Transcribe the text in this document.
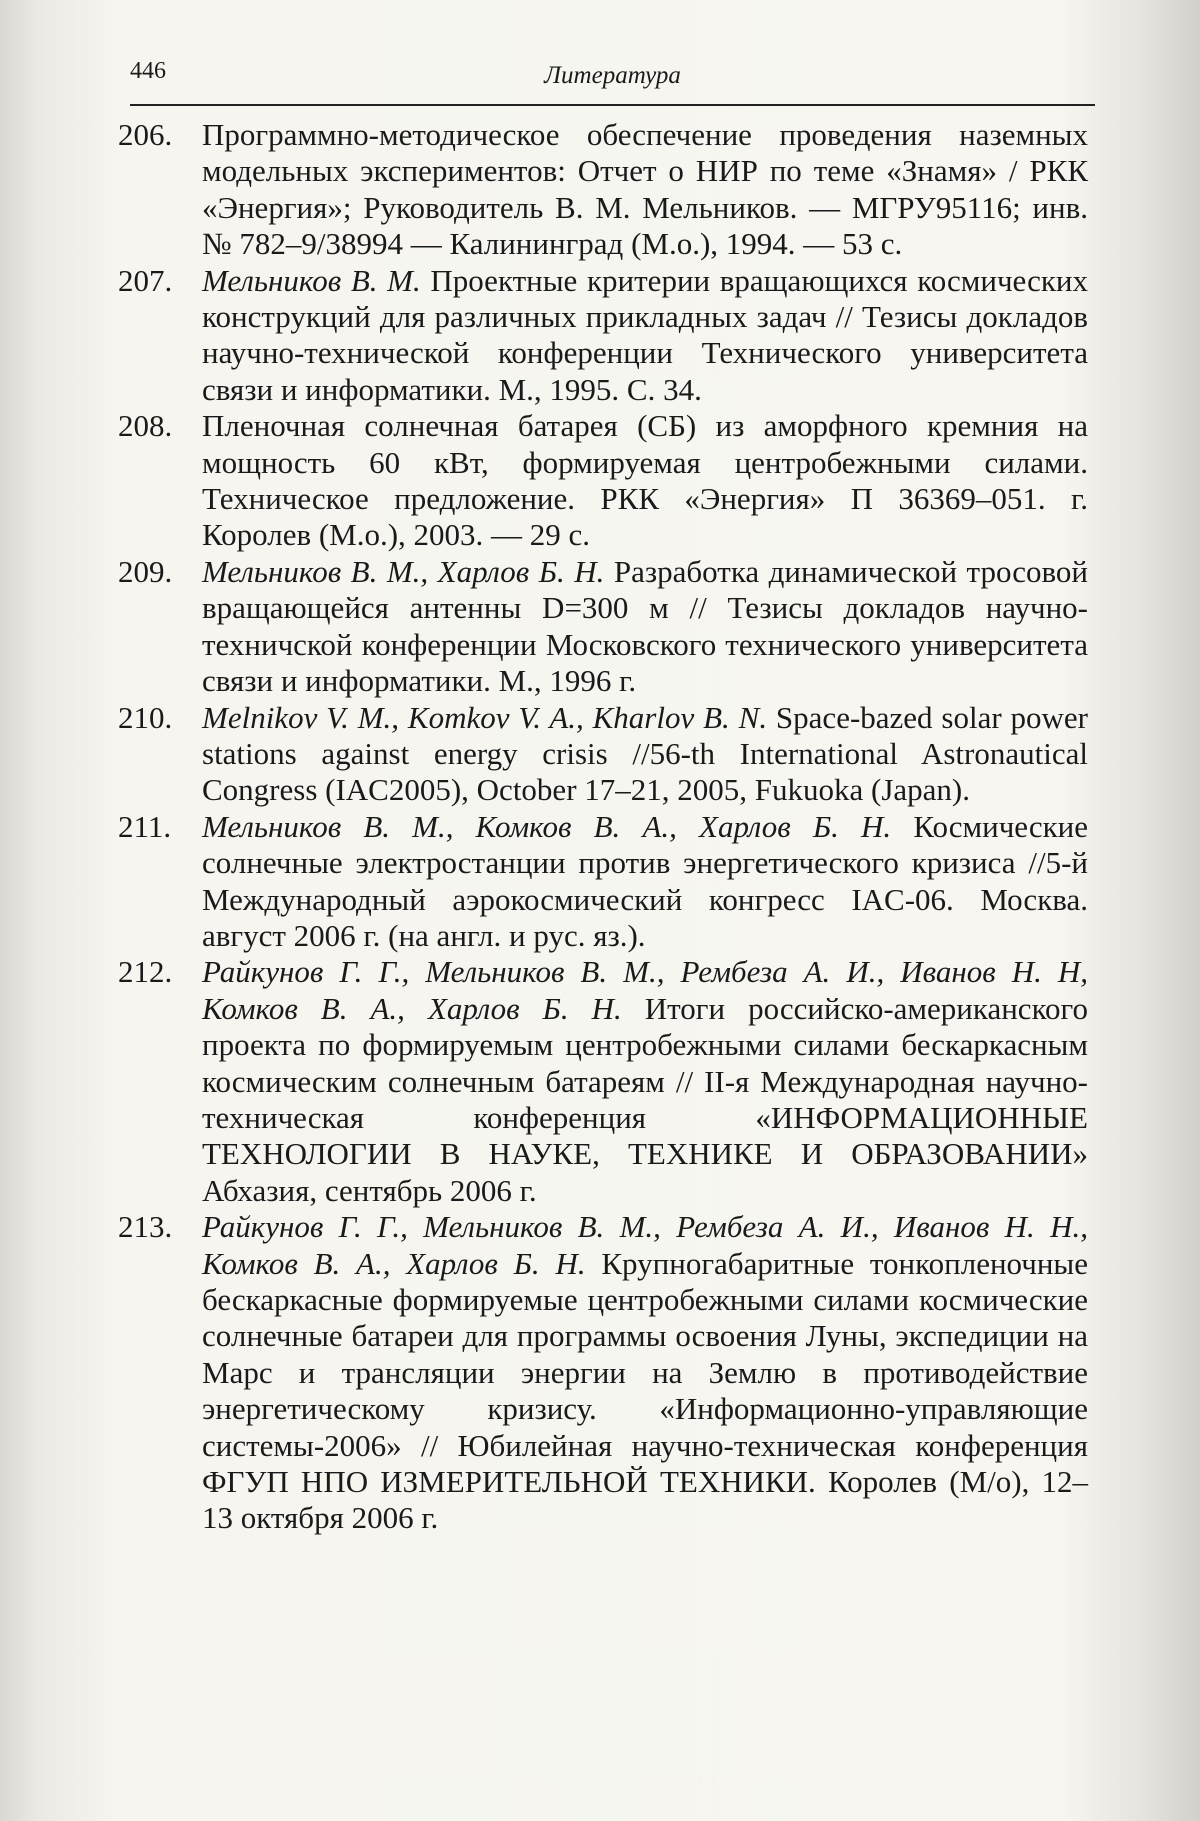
446	Литература

206. Программно-методическое обеспечение проведения наземных модельных экспериментов: Отчет о НИР по теме «Знамя» / РКК «Энергия»; Руководитель В. М. Мельников. — МГРУ95116; инв. № 782–9/38994 — Калининград (М.о.), 1994. — 53 с.

207. Мельников В. М. Проектные критерии вращающихся космических конструкций для различных прикладных задач // Тезисы докладов научно-технической конференции Технического университета связи и информатики. М., 1995. С. 34.

208. Пленочная солнечная батарея (СБ) из аморфного кремния на мощность 60 кВт, формируемая центробежными силами. Техническое предложение. РКК «Энергия» П 36369–051. г. Королев (М.о.), 2003. — 29 с.

209. Мельников В. М., Харлов Б. Н. Разработка динамической тросовой вращающейся антенны D=300 м // Тезисы докладов научно-техничской конференции Московского технического университета связи и информатики. М., 1996 г.

210. Melnikov V. M., Komkov V. A., Kharlov B. N. Space-bazed solar power stations against energy crisis //56-th International Astronautical Congress (IAC2005), October 17–21, 2005, Fukuoka (Japan).

211. Мельников В. М., Комков В. А., Харлов Б. Н. Космические солнечные электростанции против энергетического кризиса //5-й Международный аэрокосмический конгресс IAC-06. Москва. август 2006 г. (на англ. и рус. яз.).

212. Райкунов Г. Г., Мельников В. М., Рембеза А. И., Иванов Н. Н, Комков В. А., Харлов Б. Н. Итоги российско-американского проекта по формируемым центробежными силами бескаркасным космическим солнечным батареям // II-я Международная научно-техническая конференция «ИНФОРМАЦИОННЫЕ ТЕХНОЛОГИИ В НАУКЕ, ТЕХНИКЕ И ОБРАЗОВАНИИ» Абхазия, сентябрь 2006 г.

213. Райкунов Г. Г., Мельников В. М., Рембеза А. И., Иванов Н. Н., Комков В. А., Харлов Б. Н. Крупногабаритные тонкопленочные бескаркасные формируемые центробежными силами космические солнечные батареи для программы освоения Луны, экспедиции на Марс и трансляции энергии на Землю в противодействие энергетическому кризису. «Информационно-управляющие системы-2006» // Юбилейная научно-техническая конференция ФГУП НПО ИЗМЕРИТЕЛЬНОЙ ТЕХНИКИ. Королев (М/о), 12–13 октября 2006 г.
